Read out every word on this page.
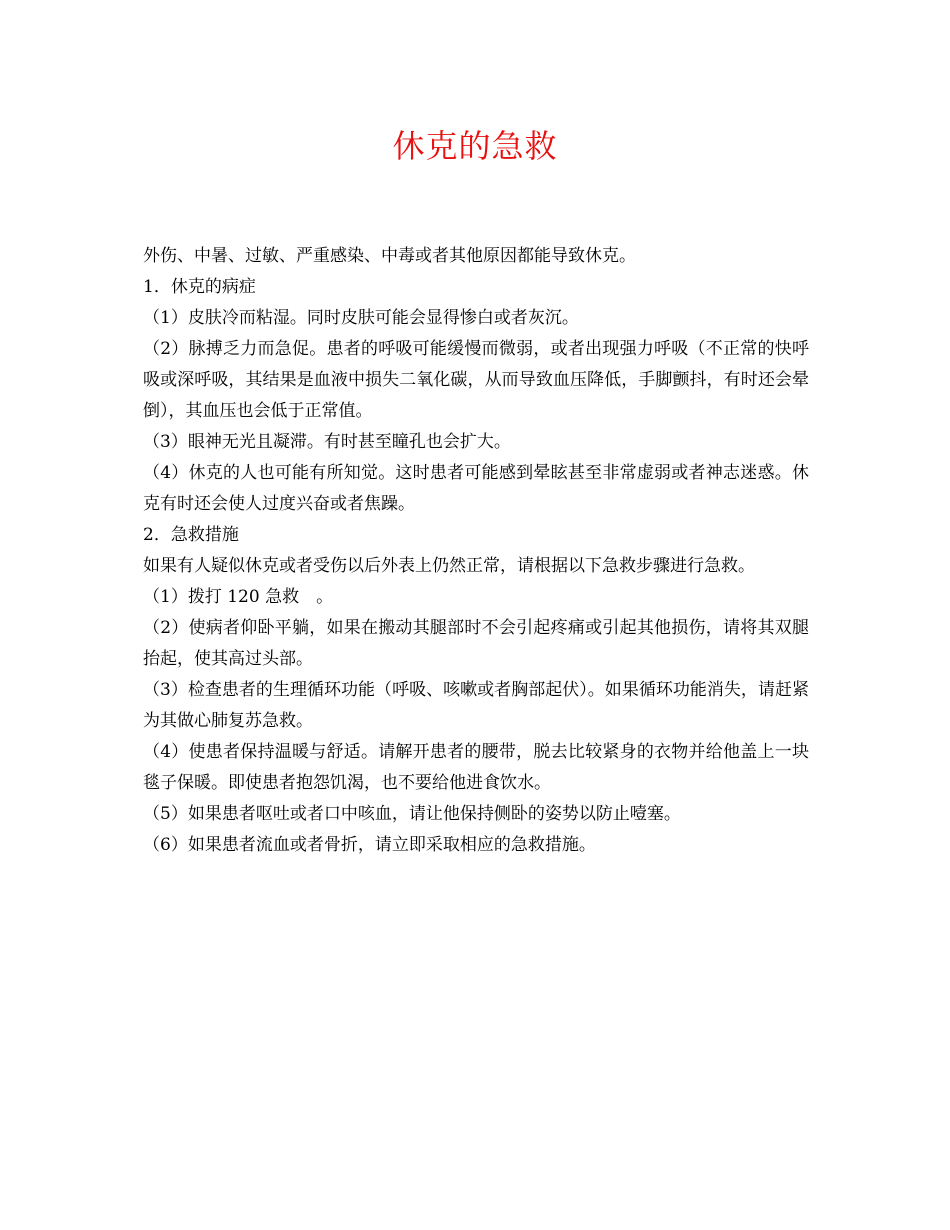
休克的急救

外伤、中暑、过敏、严重感染、中毒或者其他原因都能导致休克。

1．休克的病症

（1）皮肤冷而粘湿。同时皮肤可能会显得惨白或者灰沉。

（2）脉搏乏力而急促。患者的呼吸可能缓慢而微弱，或者出现强力呼吸（不正常的快呼吸或深呼吸，其结果是血液中损失二氧化碳，从而导致血压降低，手脚颤抖，有时还会晕倒），其血压也会低于正常值。

（3）眼神无光且凝滞。有时甚至瞳孔也会扩大。

（4）休克的人也可能有所知觉。这时患者可能感到晕眩甚至非常虚弱或者神志迷惑。休克有时还会使人过度兴奋或者焦躁。

2．急救措施

如果有人疑似休克或者受伤以后外表上仍然正常，请根据以下急救步骤进行急救。

（1）拨打 120 急救　。

（2）使病者仰卧平躺，如果在搬动其腿部时不会引起疼痛或引起其他损伤，请将其双腿抬起，使其高过头部。

（3）检查患者的生理循环功能（呼吸、咳嗽或者胸部起伏）。如果循环功能消失，请赶紧为其做心肺复苏急救。

（4）使患者保持温暖与舒适。请解开患者的腰带，脱去比较紧身的衣物并给他盖上一块毯子保暖。即使患者抱怨饥渴，也不要给他进食饮水。

（5）如果患者呕吐或者口中咳血，请让他保持侧卧的姿势以防止噎塞。

（6）如果患者流血或者骨折，请立即采取相应的急救措施。
